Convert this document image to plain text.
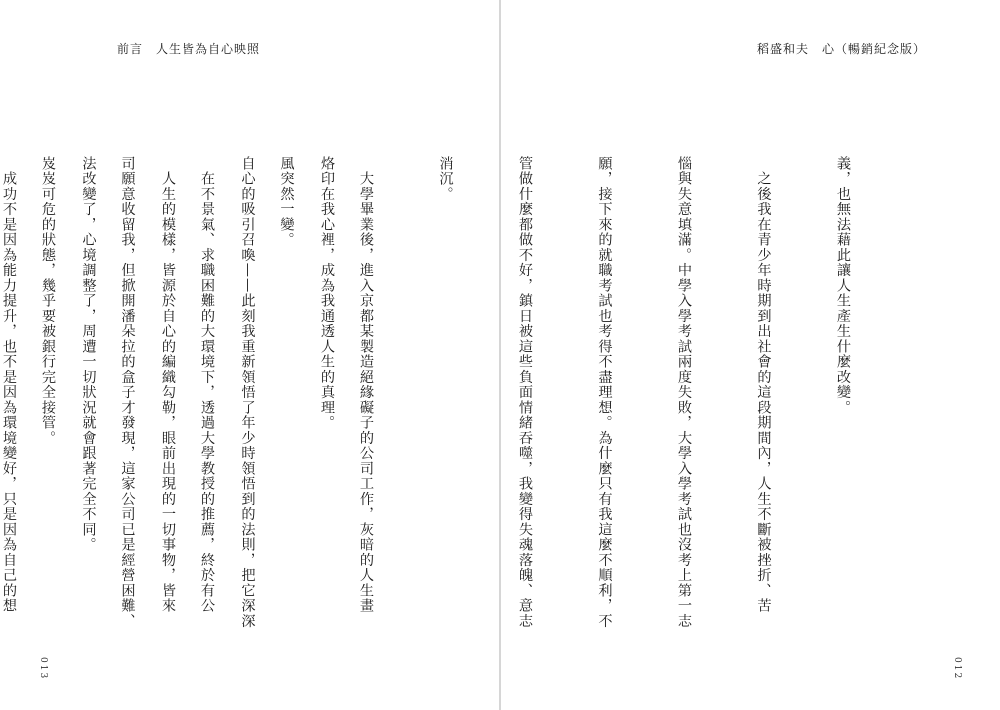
前言　人生皆為自心映照

烙印在我心裡，成為我通透人生的真理。

自心的吸引召喚——此刻我重新領悟了年少時領悟到的法則，把它深深

　人生的模樣，皆源於自心的編織勾勒，眼前出現的一切事物，皆來

法改變了，心境調整了，周遭一切狀況就會跟著完全不同。

　成功不是因為能力提升，也不是因為環境變好，只是因為自己的想

013
稻盛和夫　心（暢銷紀念版）

義，也無法藉此讓人生產生什麼改變。

　之後我在青少年時期到出社會的這段期間內，人生不斷被挫折、苦

惱與失意填滿。中學入學考試兩度失敗，大學入學考試也沒考上第一志

願，接下來的就職考試也考得不盡理想。為什麼只有我這麼不順利，不

管做什麼都做不好，鎮日被這些負面情緒吞噬，我變得失魂落魄、意志

消沉。

　大學畢業後，進入京都某製造絕緣礙子的公司工作，灰暗的人生畫

風突然一變。

　在不景氣、求職困難的大環境下，透過大學教授的推薦，終於有公

司願意收留我，但掀開潘朵拉的盒子才發現，這家公司已是經營困難、

岌岌可危的狀態，幾乎要被銀行完全接管。

012
